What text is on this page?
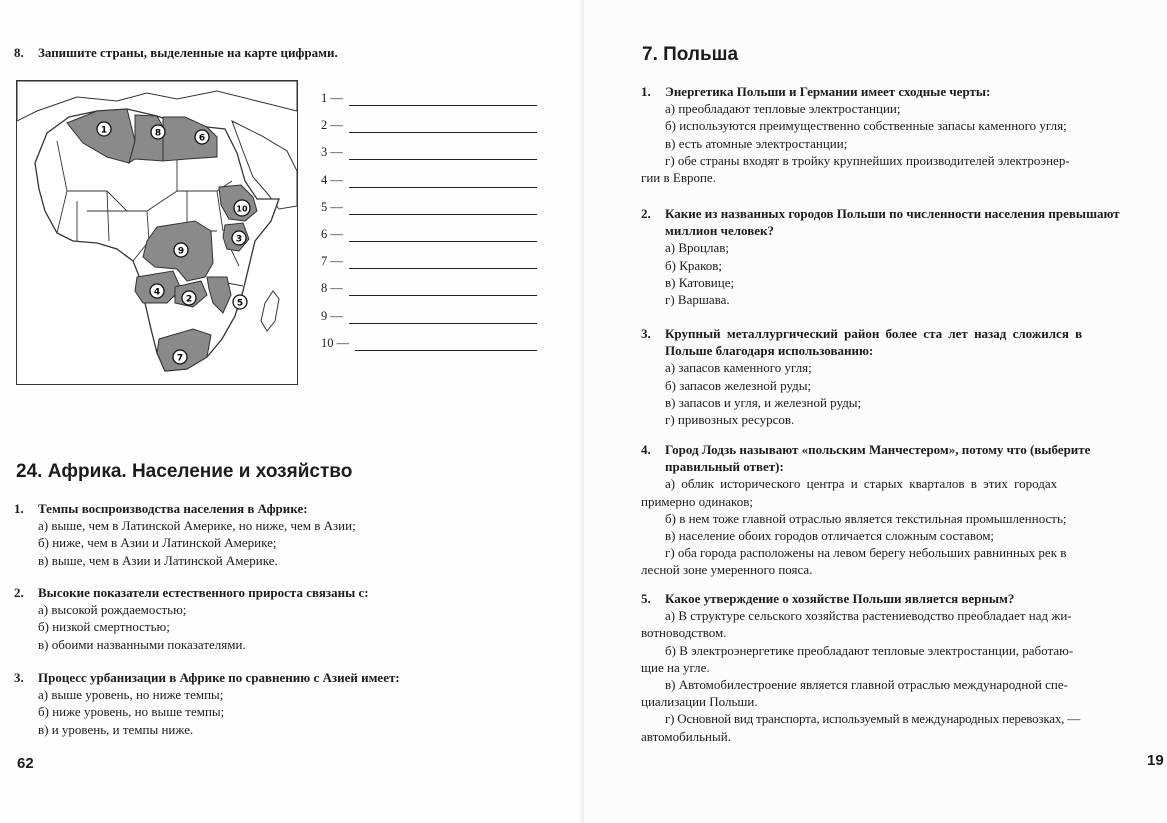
8.	Запишите страны, выделенные на карте цифрами.
1	8	6
10
3
9
4
2	5
7
1 —
2 —
3 —
4 —
5 —
6 —
7 —
8 —
9 —
10 —
24. Африка. Население и хозяйство
1.	Темпы воспроизводства населения в Африке:
а) выше, чем в Латинской Америке, но ниже, чем в Азии;
б) ниже, чем в Азии и Латинской Америке;
в) выше, чем в Азии и Латинской Америке.
2.	Высокие показатели естественного прироста связаны с:
а) высокой рождаемостью;
б) низкой смертностью;
в) обоими названными показателями.
3.	Процесс урбанизации в Африке по сравнению с Азией имеет:
а) выше уровень, но ниже темпы;
б) ниже уровень, но выше темпы;
в) и уровень, и темпы ниже.
62
7. Польша
1.	Энергетика Польши и Германии имеет сходные черты:
а) преобладают тепловые электростанции;
б) используются преимущественно собственные запасы каменного угля;
в) есть атомные электростанции;
г) обе страны входят в тройку крупнейших производителей электроэнер-
гии в Европе.
2.	Какие из названных городов Польши по численности населения превышают
миллион человек?
а) Вроцлав;
б) Краков;
в) Катовице;
г) Варшава.
3.	Крупный металлургический район более ста лет назад сложился в
Польше благодаря использованию:
а) запасов каменного угля;
б) запасов железной руды;
в) запасов и угля, и железной руды;
г) привозных ресурсов.
4.	Город Лодзь называют «польским Манчестером», потому что (выберите
правильный ответ):
а) облик исторического центра и старых кварталов в этих городах
примерно одинаков;
б) в нем тоже главной отраслью является текстильная промышленность;
в) население обоих городов отличается сложным составом;
г) оба города расположены на левом берегу небольших равнинных рек в
лесной зоне умеренного пояса.
5.	Какое утверждение о хозяйстве Польши является верным?
а) В структуре сельского хозяйства растениеводство преобладает над жи-
вотноводством.
б) В электроэнергетике преобладают тепловые электростанции, работаю-
щие на угле.
в) Автомобилестроение является главной отраслью международной спе-
циализации Польши.
г) Основной вид транспорта, используемый в международных перевозках, —
автомобильный.
19
